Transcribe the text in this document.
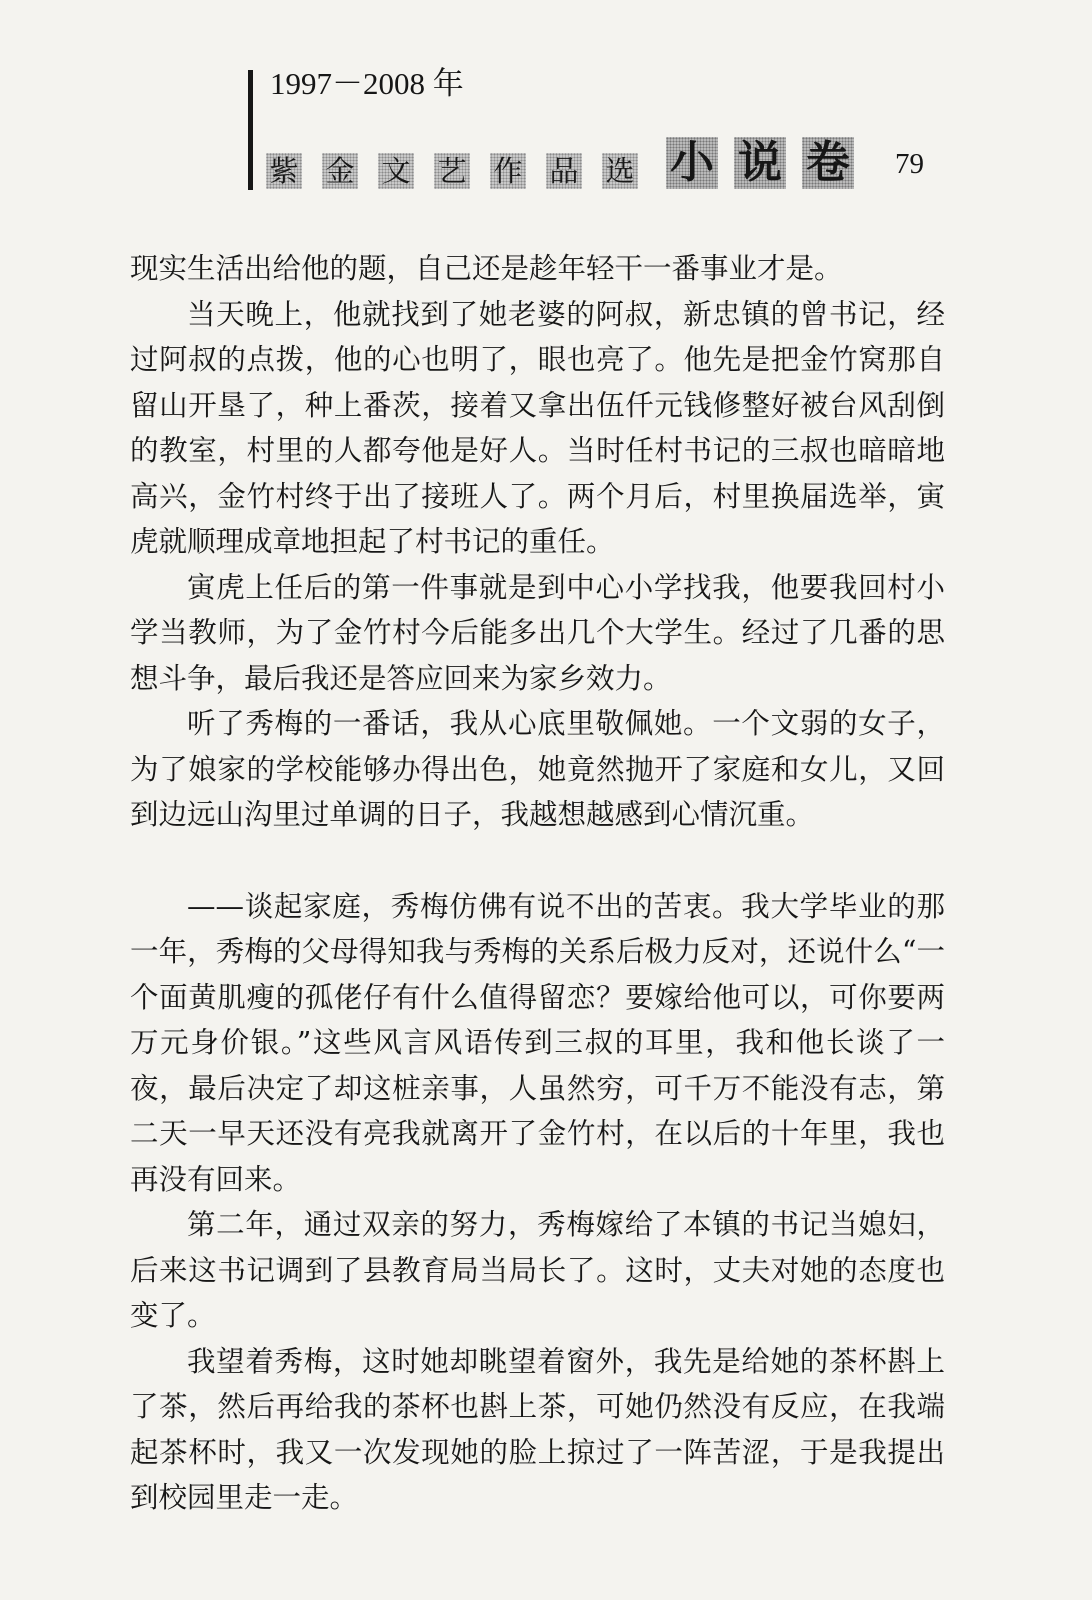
1997－2008 年
紫 金 文 艺 作 品 选 小 说 卷 79

现实生活出给他的题，自己还是趁年轻干一番事业才是。

当天晚上，他就找到了她老婆的阿叔，新忠镇的曾书记，经过阿叔的点拨，他的心也明了，眼也亮了。他先是把金竹窝那自留山开垦了，种上番茨，接着又拿出伍仟元钱修整好被台风刮倒的教室，村里的人都夸他是好人。当时任村书记的三叔也暗暗地高兴，金竹村终于出了接班人了。两个月后，村里换届选举，寅虎就顺理成章地担起了村书记的重任。

寅虎上任后的第一件事就是到中心小学找我，他要我回村小学当教师，为了金竹村今后能多出几个大学生。经过了几番的思想斗争，最后我还是答应回来为家乡效力。

听了秀梅的一番话，我从心底里敬佩她。一个文弱的女子，为了娘家的学校能够办得出色，她竟然抛开了家庭和女儿，又回到边远山沟里过单调的日子，我越想越感到心情沉重。

——谈起家庭，秀梅仿佛有说不出的苦衷。我大学毕业的那一年，秀梅的父母得知我与秀梅的关系后极力反对，还说什么“一个面黄肌瘦的孤佬仔有什么值得留恋？要嫁给他可以，可你要两万元身价银。”这些风言风语传到三叔的耳里，我和他长谈了一夜，最后决定了却这桩亲事，人虽然穷，可千万不能没有志，第二天一早天还没有亮我就离开了金竹村，在以后的十年里，我也再没有回来。

第二年，通过双亲的努力，秀梅嫁给了本镇的书记当媳妇，后来这书记调到了县教育局当局长了。这时，丈夫对她的态度也变了。

我望着秀梅，这时她却眺望着窗外，我先是给她的茶杯斟上了茶，然后再给我的茶杯也斟上茶，可她仍然没有反应，在我端起茶杯时，我又一次发现她的脸上掠过了一阵苦涩，于是我提出到校园里走一走。
